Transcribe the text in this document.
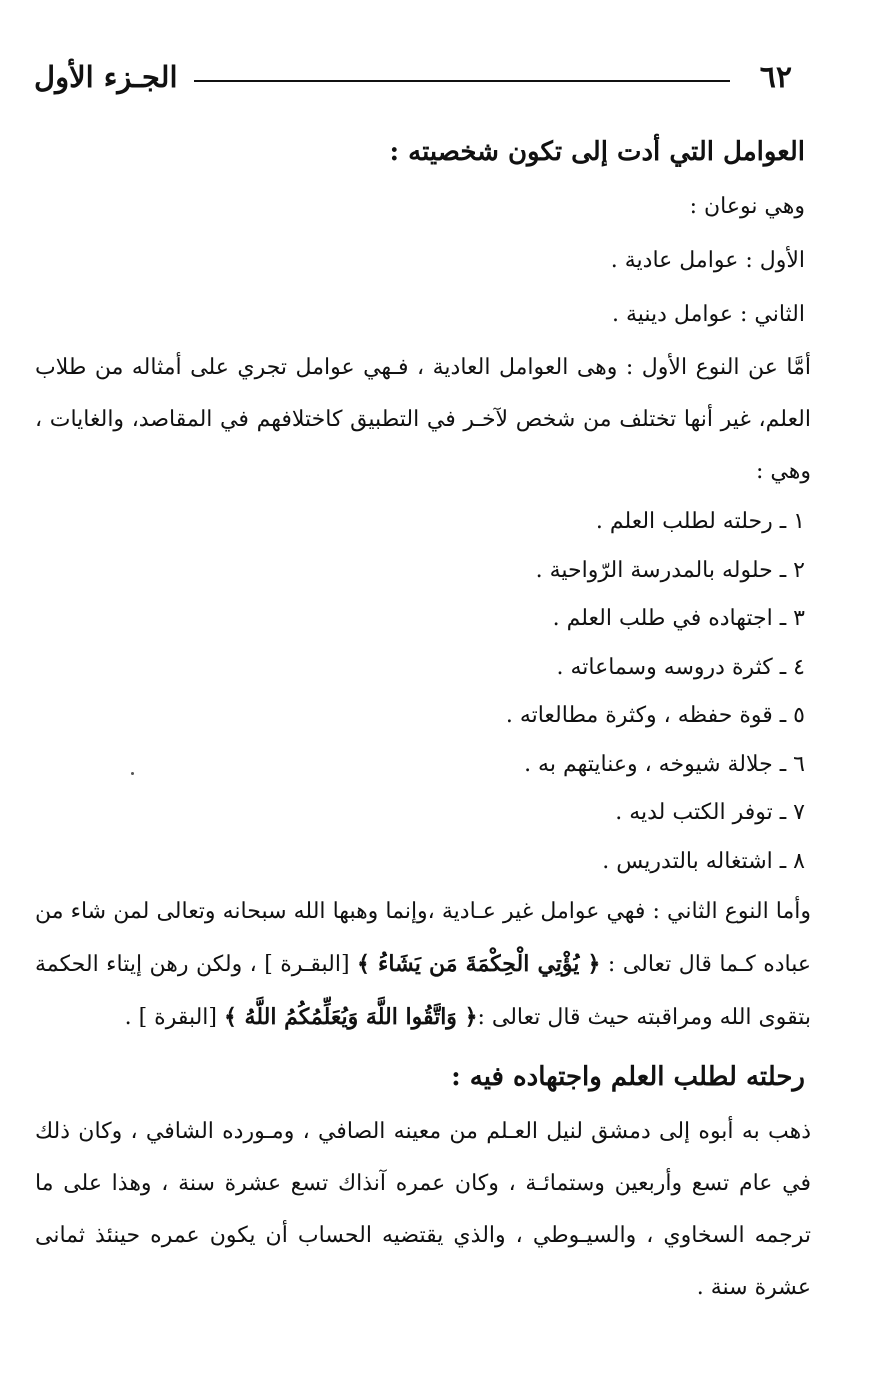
٦٢
الجـزء الأول
العوامل التي أدت إلى تكون شخصيته :
وهي نوعان :
الأول : عوامل عادية .
الثاني : عوامل دينية .

أمَّا عن النوع الأول : وهى العوامل العادية ، فـهي عوامل تجري على أمثاله من طلاب العلم، غير أنها تختلف من شخص لآخـر في التطبيق كاختلافهم في المقاصد، والغايات ، وهي :

١ ـ رحلته لطلب العلم .
٢ ـ حلوله بالمدرسة الرّواحية .
٣ ـ اجتهاده في طلب العلم .
٤ ـ كثرة دروسه وسماعاته .
٥ ـ قوة حفظه ، وكثرة مطالعاته .
٦ ـ جلالة شيوخه ، وعنايتهم به .
٧ ـ توفر الكتب لديه .
٨ ـ اشتغاله بالتدريس .

وأما النوع الثاني : فهي عوامل غير عـادية ،وإنما وهبها الله سبحانه وتعالى لمن شاء من عباده كـما قال تعالى : ﴿ يُؤْتِي الْحِكْمَةَ مَن يَشَاءُ ﴾ [البقـرة ] ، ولكن رهن إيتاء الحكمة بتقوى الله ومراقبته حيث قال تعالى :﴿ وَاتَّقُوا اللَّهَ وَيُعَلِّمُكُمُ اللَّهُ ﴾ [البقرة ] .

رحلته لطلب العلم واجتهاده فيه :

ذهب به أبوه إلى دمشق لنيل العـلم من معينه الصافي ، ومـورده الشافي ، وكان ذلك في عام تسع وأربعين وستمائـة ، وكان عمره آنذاك تسع عشرة سنة ، وهذا على ما ترجمه السخاوي ، والسيـوطي ، والذي يقتضيه الحساب أن يكون عمره حينئذ ثمانى عشرة سنة .
